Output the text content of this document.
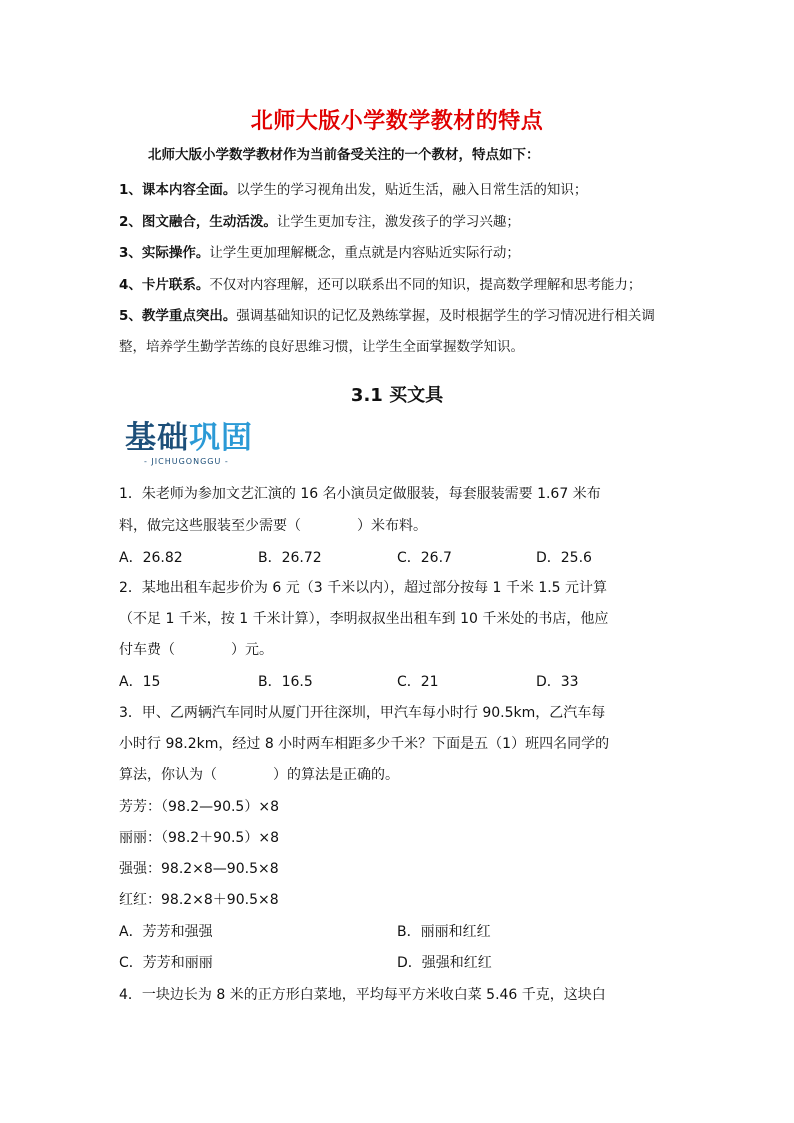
北师大版小学数学教材的特点
北师大版小学数学教材作为当前备受关注的一个教材，特点如下：
1、课本内容全面。以学生的学习视角出发，贴近生活，融入日常生活的知识；
2、图文融合，生动活泼。让学生更加专注，激发孩子的学习兴趣；
3、实际操作。让学生更加理解概念，重点就是内容贴近实际行动；
4、卡片联系。不仅对内容理解，还可以联系出不同的知识，提高数学理解和思考能力；
5、教学重点突出。强调基础知识的记忆及熟练掌握，及时根据学生的学习情况进行相关调
整，培养学生勤学苦练的良好思维习惯，让学生全面掌握数学知识。
3.1 买文具
基础巩固
- JICHUGONGGU -
1．朱老师为参加文艺汇演的 16 名小演员定做服装，每套服装需要 1.67 米布
料，做完这些服装至少需要（　　　　）米布料。
A．26.82	B．26.72	C．26.7	D．25.6
2．某地出租车起步价为 6 元（3 千米以内），超过部分按每 1 千米 1.5 元计算
（不足 1 千米，按 1 千米计算），李明叔叔坐出租车到 10 千米处的书店，他应
付车费（　　　　）元。
A．15	B．16.5	C．21	D．33
3．甲、乙两辆汽车同时从厦门开往深圳，甲汽车每小时行 90.5km，乙汽车每
小时行 98.2km，经过 8 小时两车相距多少千米？下面是五（1）班四名同学的
算法，你认为（　　　　）的算法是正确的。
芳芳：（98.2—90.5）×8
丽丽：（98.2＋90.5）×8
强强：98.2×8—90.5×8
红红：98.2×8＋90.5×8
A．芳芳和强强	B．丽丽和红红
C．芳芳和丽丽	D．强强和红红
4．一块边长为 8 米的正方形白菜地，平均每平方米收白菜 5.46 千克，这块白
